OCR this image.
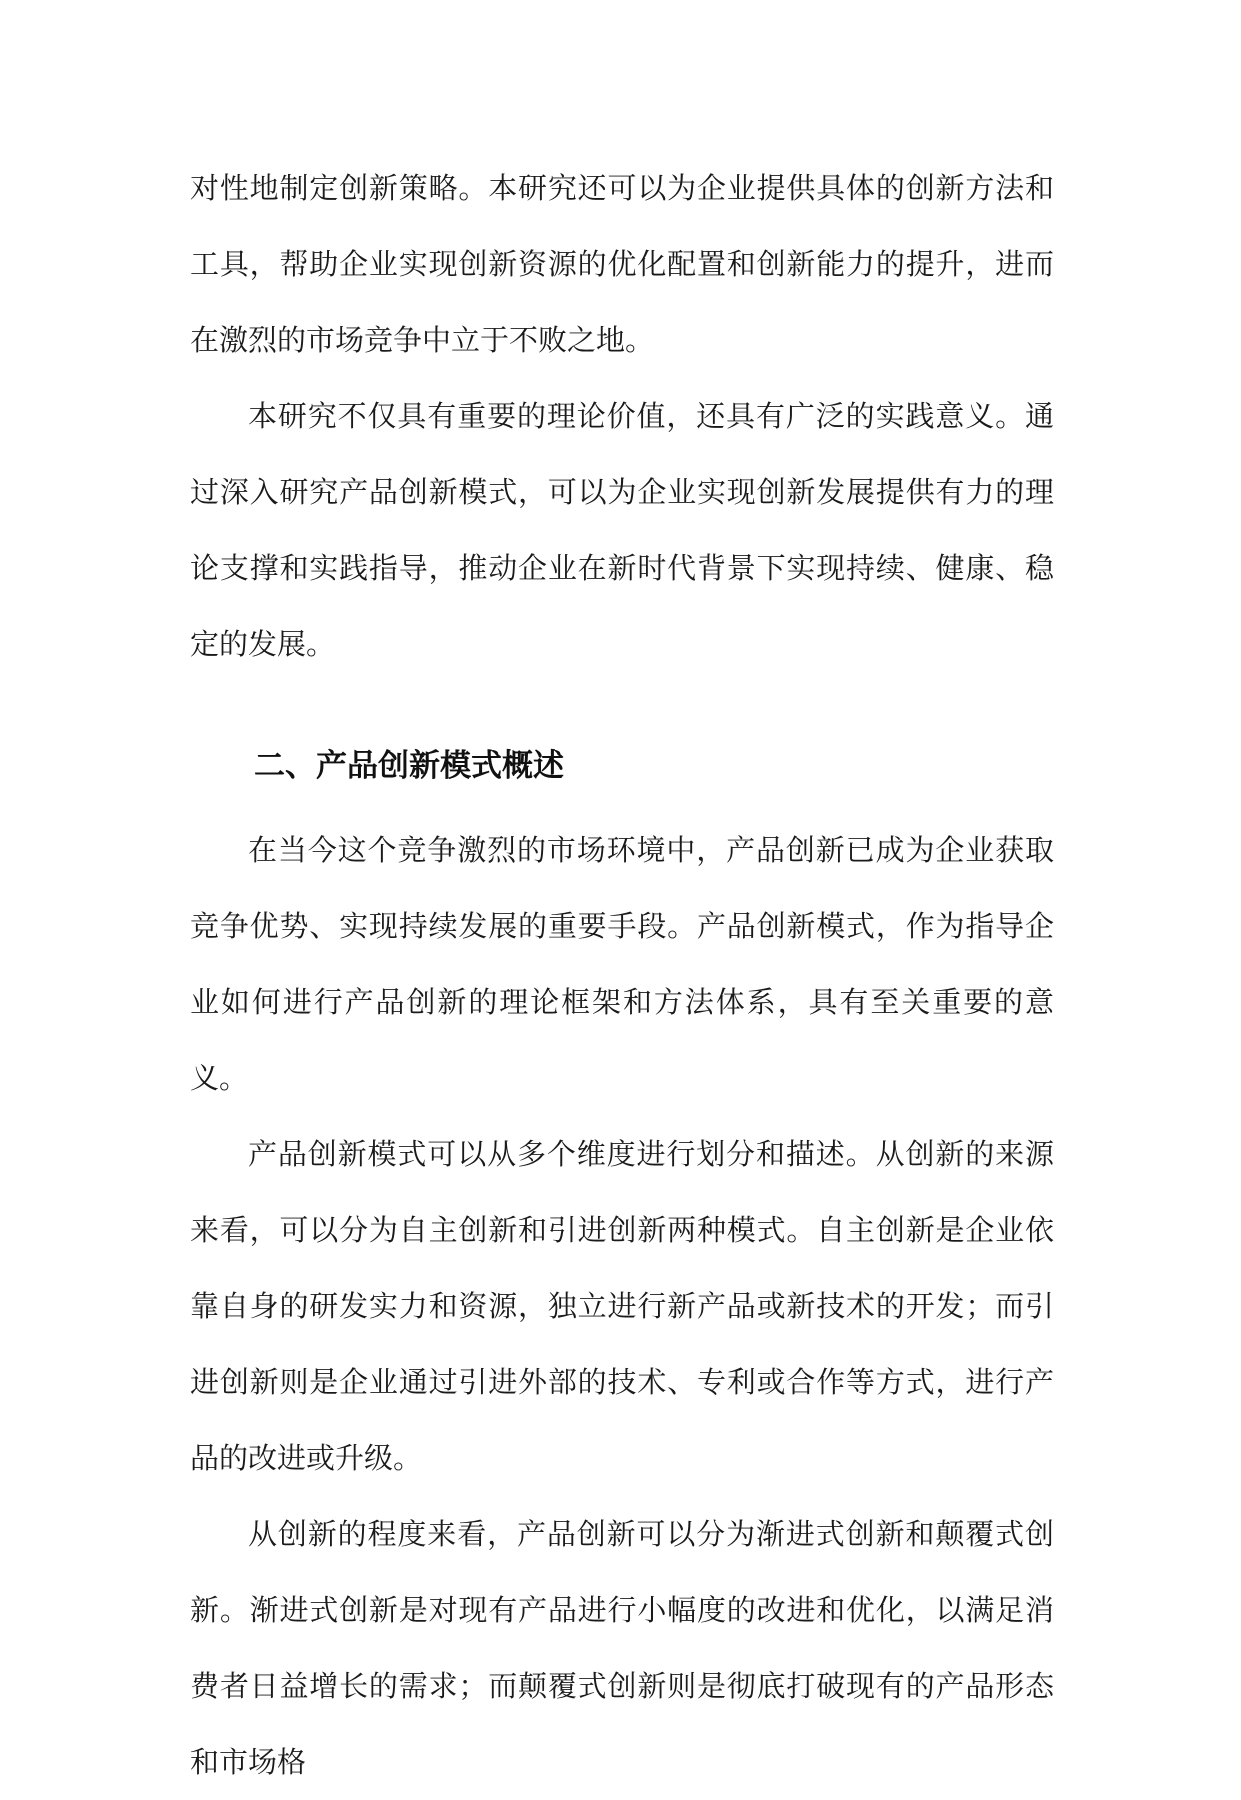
对性地制定创新策略。本研究还可以为企业提供具体的创新方法和工具，帮助企业实现创新资源的优化配置和创新能力的提升，进而在激烈的市场竞争中立于不败之地。

本研究不仅具有重要的理论价值，还具有广泛的实践意义。通过深入研究产品创新模式，可以为企业实现创新发展提供有力的理论支撑和实践指导，推动企业在新时代背景下实现持续、健康、稳定的发展。

二、产品创新模式概述

在当今这个竞争激烈的市场环境中，产品创新已成为企业获取竞争优势、实现持续发展的重要手段。产品创新模式，作为指导企业如何进行产品创新的理论框架和方法体系，具有至关重要的意义。

产品创新模式可以从多个维度进行划分和描述。从创新的来源来看，可以分为自主创新和引进创新两种模式。自主创新是企业依靠自身的研发实力和资源，独立进行新产品或新技术的开发；而引进创新则是企业通过引进外部的技术、专利或合作等方式，进行产品的改进或升级。

从创新的程度来看，产品创新可以分为渐进式创新和颠覆式创新。渐进式创新是对现有产品进行小幅度的改进和优化，以满足消费者日益增长的需求；而颠覆式创新则是彻底打破现有的产品形态和市场格
